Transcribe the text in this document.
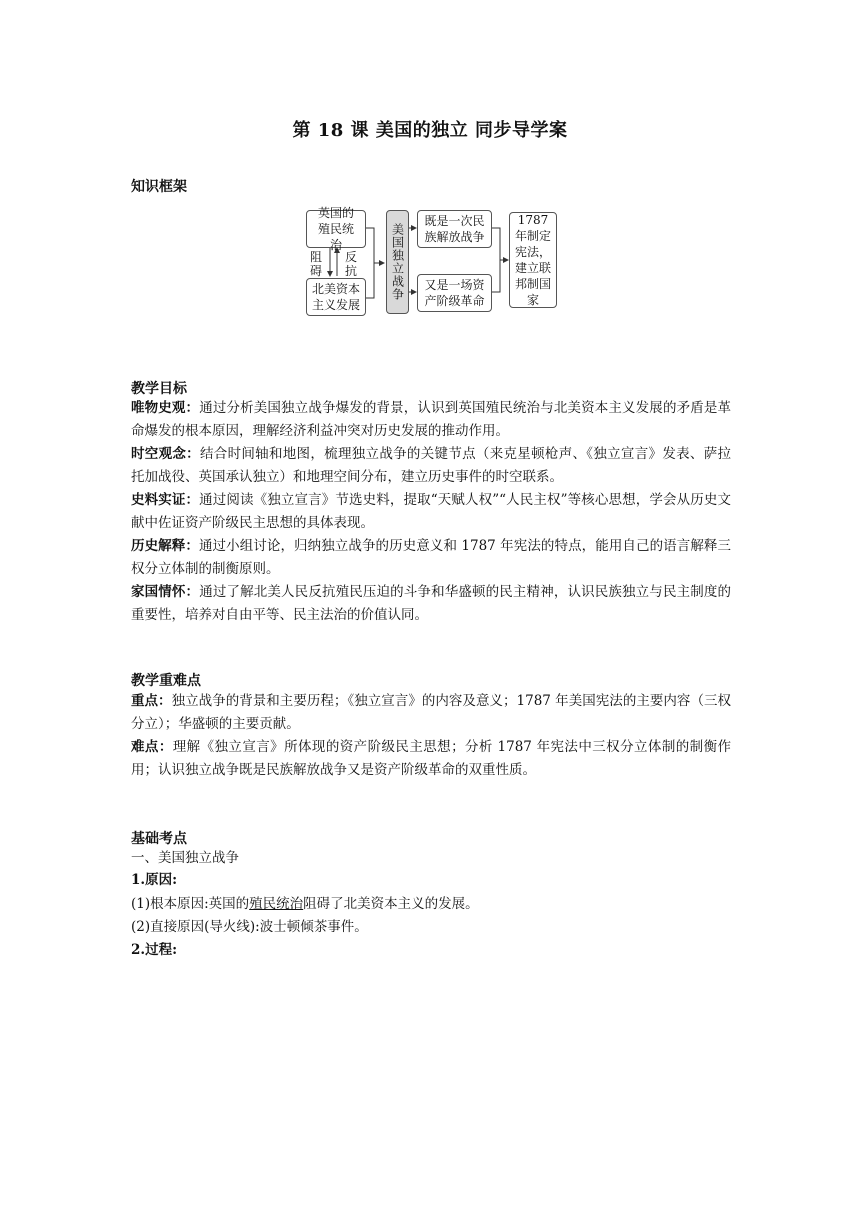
第 18 课 美国的独立 同步导学案
知识框架
英国的殖民统治
阻碍
反抗
北美资本主义发展
美国独立战争
既是一次民族解放战争
又是一场资产阶级革命
1787年制定宪法，建立联邦制国家
教学目标
唯物史观：通过分析美国独立战争爆发的背景，认识到英国殖民统治与北美资本主义发展的矛盾是革命爆发的根本原因，理解经济利益冲突对历史发展的推动作用。
时空观念：结合时间轴和地图，梳理独立战争的关键节点（来克星顿枪声、《独立宣言》发表、萨拉托加战役、英国承认独立）和地理空间分布，建立历史事件的时空联系。
史料实证：通过阅读《独立宣言》节选史料，提取“天赋人权”“人民主权”等核心思想，学会从历史文献中佐证资产阶级民主思想的具体表现。
历史解释：通过小组讨论，归纳独立战争的历史意义和 1787 年宪法的特点，能用自己的语言解释三权分立体制的制衡原则。
家国情怀：通过了解北美人民反抗殖民压迫的斗争和华盛顿的民主精神，认识民族独立与民主制度的重要性，培养对自由平等、民主法治的价值认同。
教学重难点
重点：独立战争的背景和主要历程；《独立宣言》的内容及意义；1787 年美国宪法的主要内容（三权分立）；华盛顿的主要贡献。
难点：理解《独立宣言》所体现的资产阶级民主思想；分析 1787 年宪法中三权分立体制的制衡作用；认识独立战争既是民族解放战争又是资产阶级革命的双重性质。
基础考点
一、美国独立战争
1.原因:
(1)根本原因:英国的殖民统治阻碍了北美资本主义的发展。
(2)直接原因(导火线):波士顿倾茶事件。
2.过程:
